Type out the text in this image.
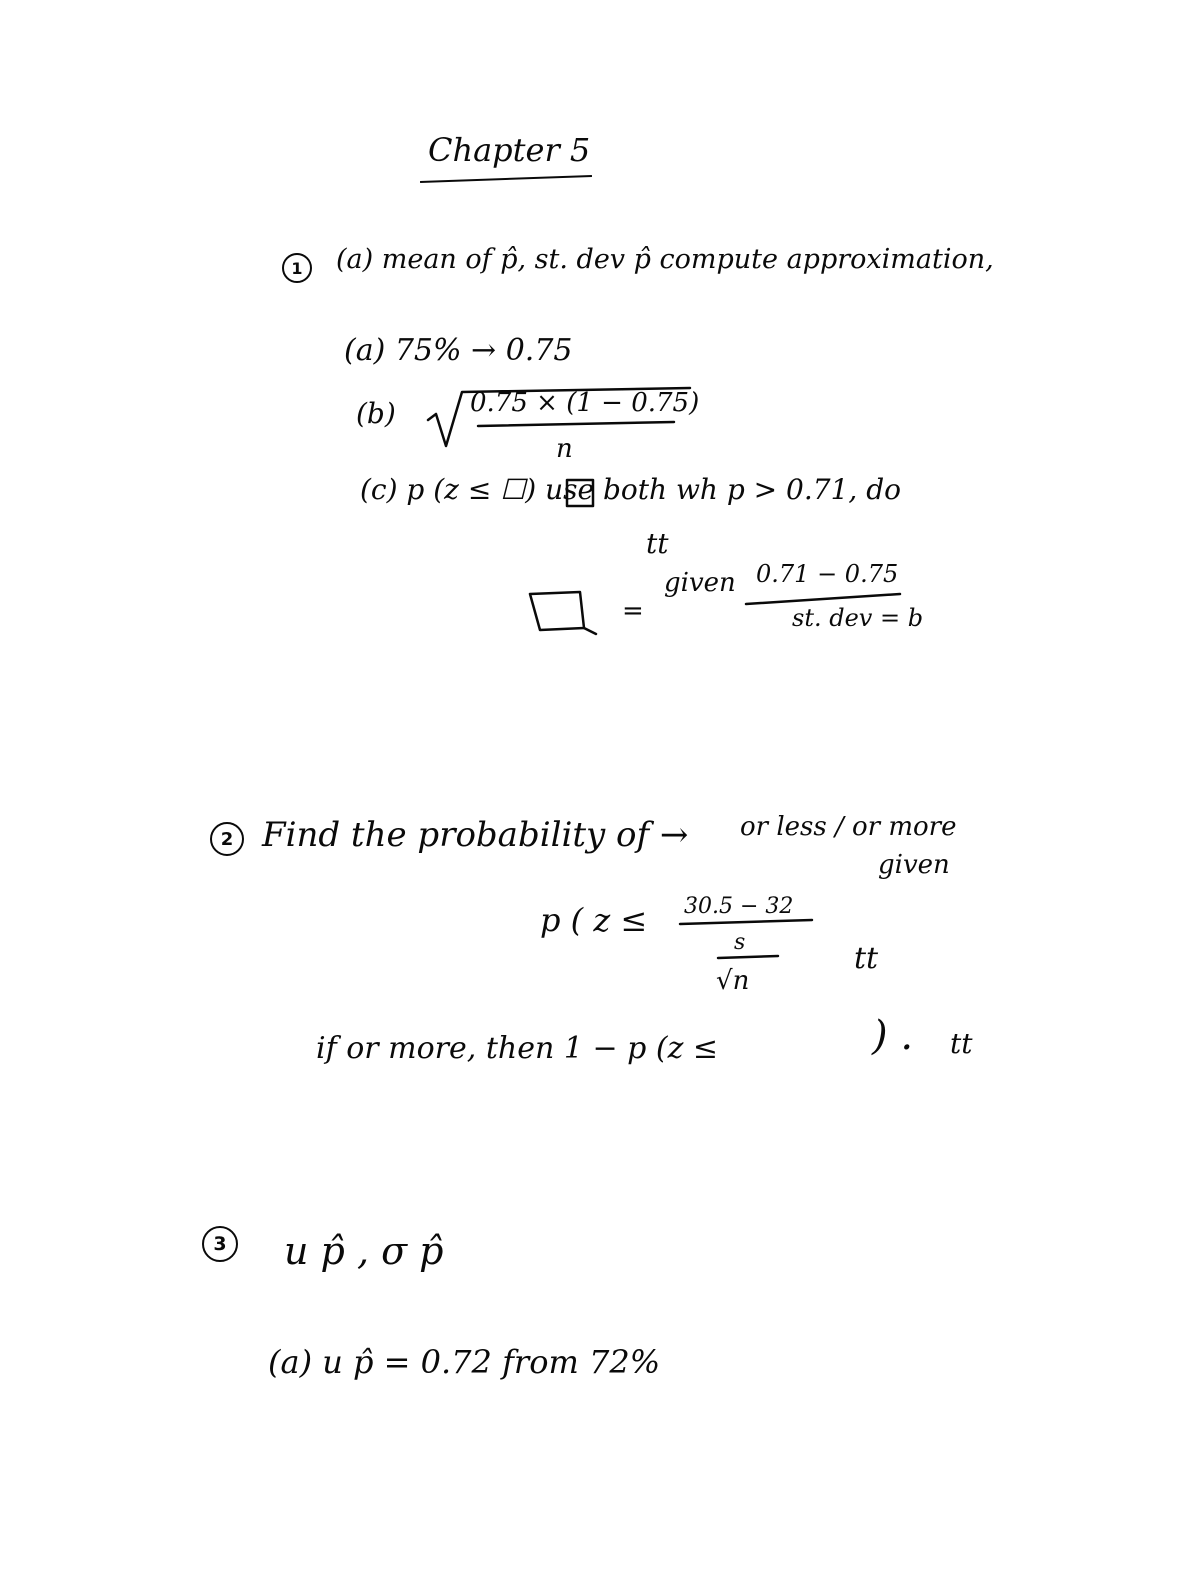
Chapter 5
1	(a) mean of p̂, st. dev p̂ compute approximation,
(a) 75% → 0.75
(b)	0.75 × (1 − 0.75)
n
(c) p (z ≤ ☐) use both wh p > 0.71, do
tt
=
given 0.71 − 0.75
st. dev = b
2 Find the probability of → or less / or more
given
p ( z ≤ 30.5 − 32
s
√n
tt
if or more, then 1 − p (z ≤	) . tt
3 u p̂ , σ p̂
(a) u p̂ = 0.72 from 72%
